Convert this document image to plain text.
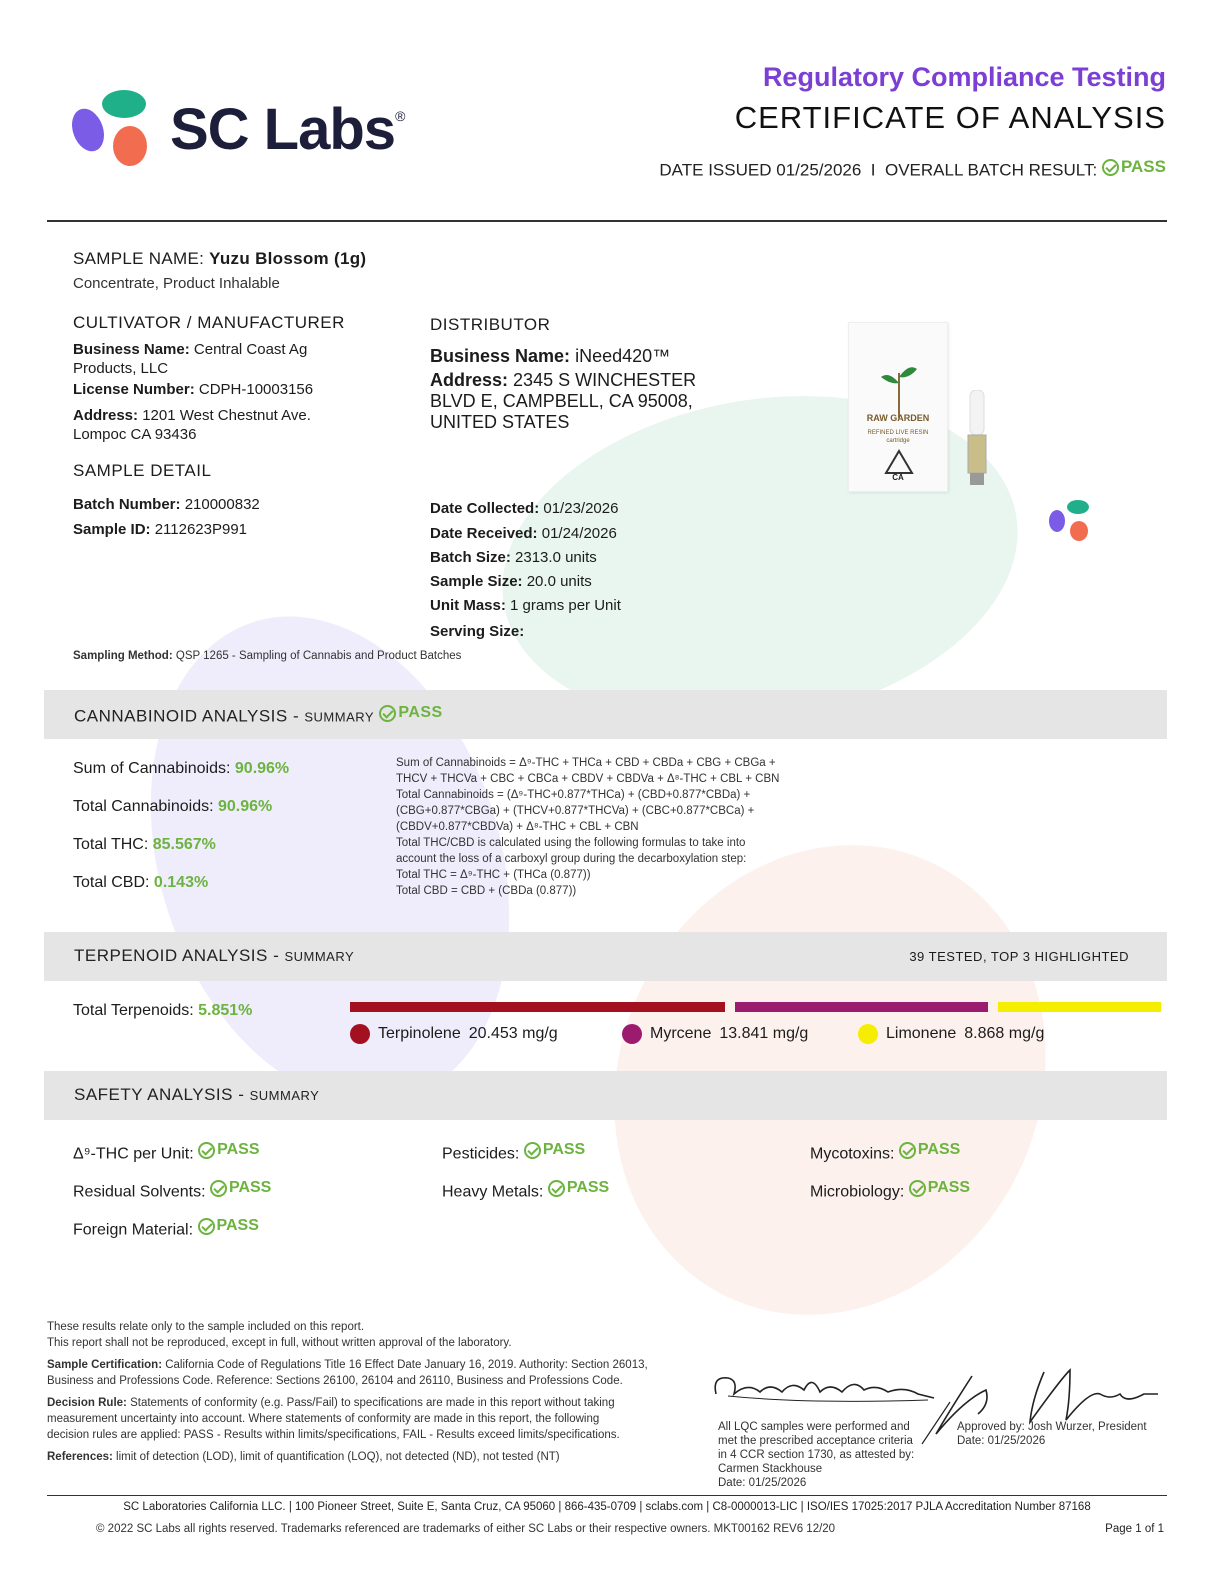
SC Labs®
Regulatory Compliance Testing
CERTIFICATE OF ANALYSIS
DATE ISSUED 01/25/2026 I OVERALL BATCH RESULT: PASS
SAMPLE NAME: Yuzu Blossom (1g)
Concentrate, Product Inhalable
CULTIVATOR / MANUFACTURER
Business Name: Central Coast Ag
Products, LLC
License Number: CDPH-10003156
Address: 1201 West Chestnut Ave.
Lompoc CA 93436
DISTRIBUTOR
Business Name: iNeed420™
Address: 2345 S WINCHESTER
BLVD E, CAMPBELL, CA 95008,
UNITED STATES	RAW GARDEN
REFINED LIVE RESIN
cartridge
CA
SAMPLE DETAIL
Batch Number: 210000832
Sample ID: 2112623P991
Date Collected: 01/23/2026
Date Received: 01/24/2026
Batch Size: 2313.0 units
Sample Size: 20.0 units
Unit Mass: 1 grams per Unit
Serving Size:
Sampling Method: QSP 1265 - Sampling of Cannabis and Product Batches
CANNABINOID ANALYSIS - SUMMARY PASS
Sum of Cannabinoids: 90.96%
Total Cannabinoids: 90.96%
Total THC: 85.567%
Total CBD: 0.143%
Sum of Cannabinoids = Δ⁹-THC + THCa + CBD + CBDa + CBG + CBGa +
THCV + THCVa + CBC + CBCa + CBDV + CBDVa + Δ⁸-THC + CBL + CBN
Total Cannabinoids = (Δ⁹-THC+0.877*THCa) + (CBD+0.877*CBDa) +
(CBG+0.877*CBGa) + (THCV+0.877*THCVa) + (CBC+0.877*CBCa) +
(CBDV+0.877*CBDVa) + Δ⁸-THC + CBL + CBN
Total THC/CBD is calculated using the following formulas to take into
account the loss of a carboxyl group during the decarboxylation step:
Total THC = Δ⁹-THC + (THCa (0.877))
Total CBD = CBD + (CBDa (0.877))
TERPENOID ANALYSIS - SUMMARY	39 TESTED, TOP 3 HIGHLIGHTED
Total Terpenoids: 5.851%
Terpinolene 20.453 mg/g	Myrcene 13.841 mg/g	Limonene 8.868 mg/g
SAFETY ANALYSIS - SUMMARY
Δ⁹-THC per Unit: PASS	Pesticides: PASS	Mycotoxins: PASS
Residual Solvents: PASS	Heavy Metals: PASS	Microbiology: PASS
Foreign Material: PASS
These results relate only to the sample included on this report.
This report shall not be reproduced, except in full, without written approval of the laboratory.
Sample Certification: California Code of Regulations Title 16 Effect Date January 16, 2019. Authority: Section 26013,
Business and Professions Code. Reference: Sections 26100, 26104 and 26110, Business and Professions Code.
Decision Rule: Statements of conformity (e.g. Pass/Fail) to specifications are made in this report without taking
measurement uncertainty into account. Where statements of conformity are made in this report, the following
decision rules are applied: PASS - Results within limits/specifications, FAIL - Results exceed limits/specifications.
References: limit of detection (LOD), limit of quantification (LOQ), not detected (ND), not tested (NT)
All LQC samples were performed and
met the prescribed acceptance criteria
in 4 CCR section 1730, as attested by:
Carmen Stackhouse
Date: 01/25/2026
Approved by: Josh Wurzer, President
Date: 01/25/2026
SC Laboratories California LLC. | 100 Pioneer Street, Suite E, Santa Cruz, CA 95060 | 866-435-0709 | sclabs.com | C8-0000013-LIC | ISO/IES 17025:2017 PJLA Accreditation Number 87168
© 2022 SC Labs all rights reserved. Trademarks referenced are trademarks of either SC Labs or their respective owners. MKT00162 REV6 12/20	Page 1 of 1
